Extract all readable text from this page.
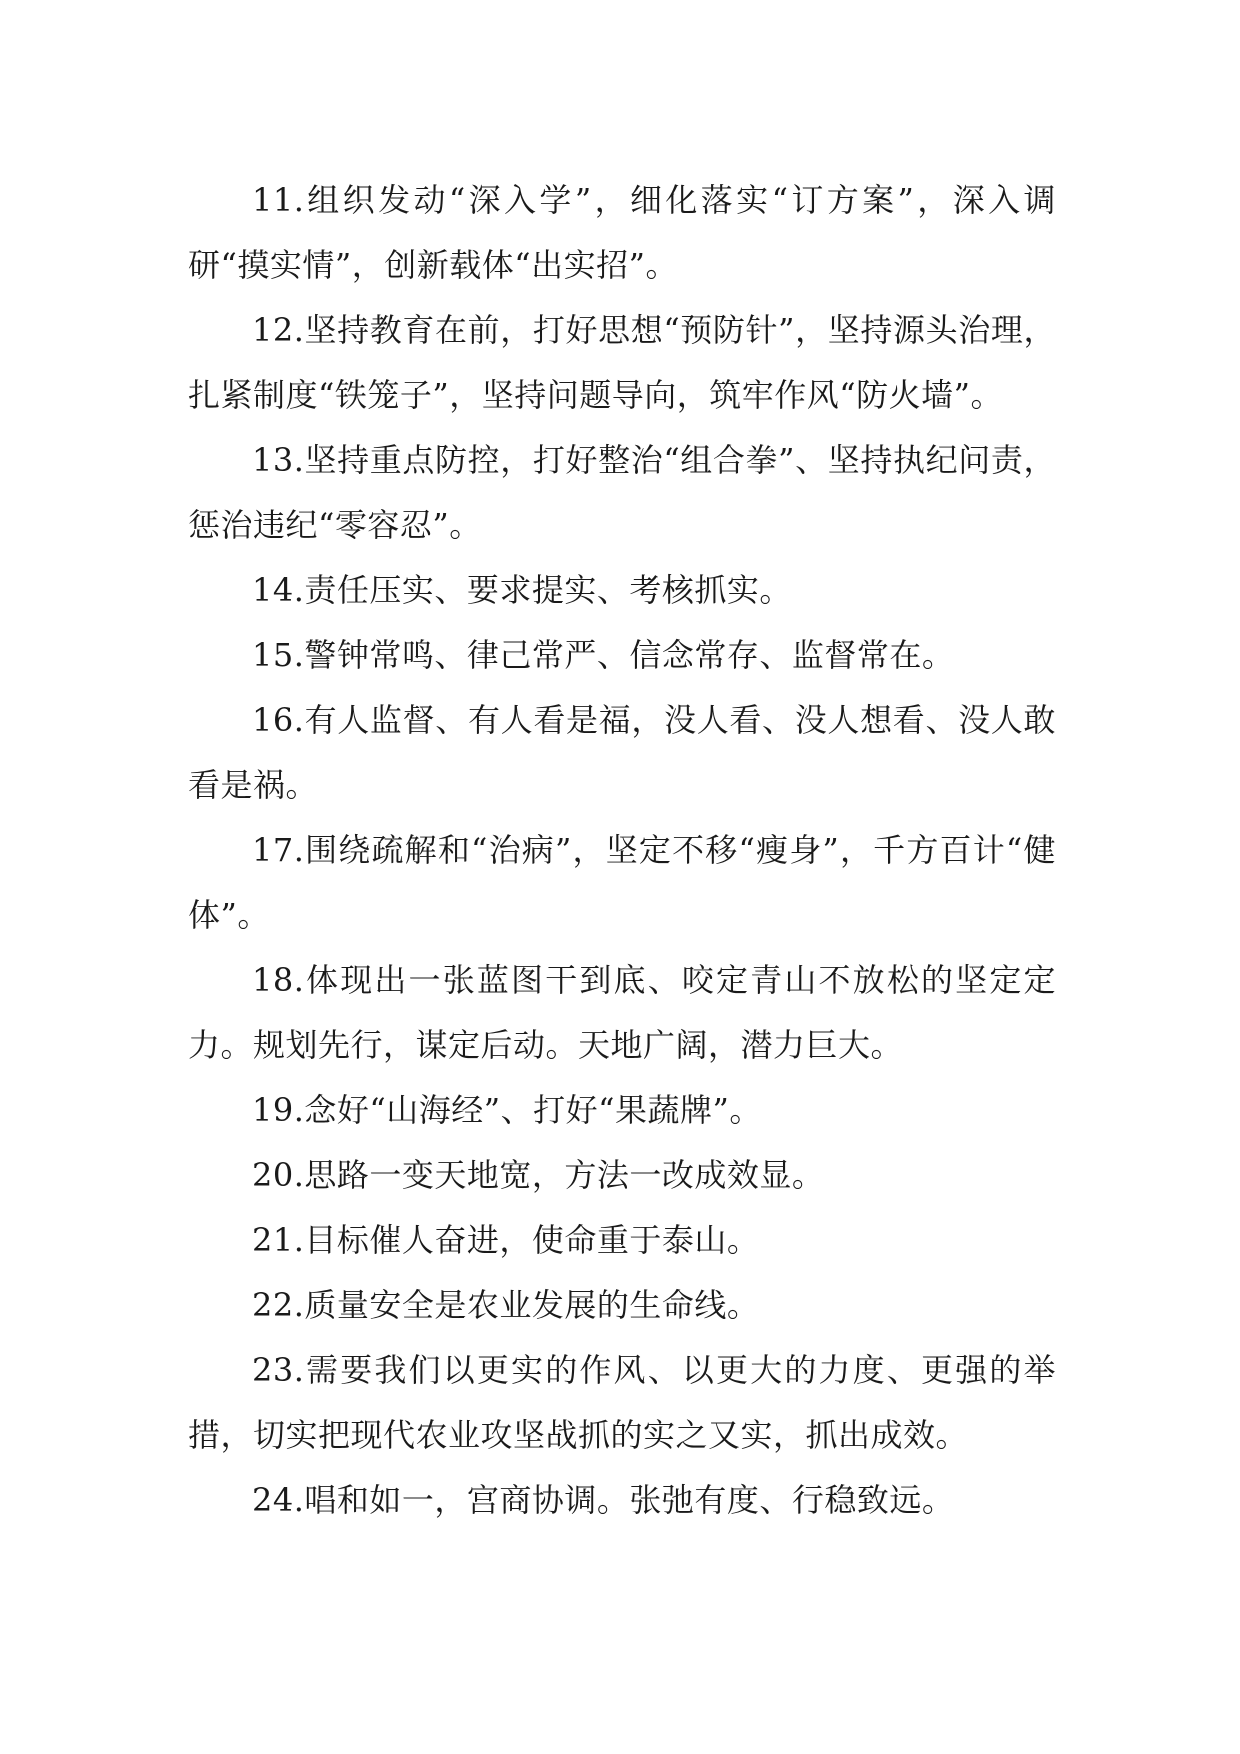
11.组织发动“深入学”，细化落实“订方案”，深入调研“摸实情”，创新载体“出实招”。

12.坚持教育在前，打好思想“预防针”，坚持源头治理，扎紧制度“铁笼子”，坚持问题导向，筑牢作风“防火墙”。

13.坚持重点防控，打好整治“组合拳”、坚持执纪问责，惩治违纪“零容忍”。

14.责任压实、要求提实、考核抓实。

15.警钟常鸣、律己常严、信念常存、监督常在。

16.有人监督、有人看是福，没人看、没人想看、没人敢看是祸。

17.围绕疏解和“治病”，坚定不移“瘦身”，千方百计“健体”。

18.体现出一张蓝图干到底、咬定青山不放松的坚定定力。规划先行，谋定后动。天地广阔，潜力巨大。

19.念好“山海经”、打好“果蔬牌”。

20.思路一变天地宽，方法一改成效显。

21.目标催人奋进，使命重于泰山。

22.质量安全是农业发展的生命线。

23.需要我们以更实的作风、以更大的力度、更强的举措，切实把现代农业攻坚战抓的实之又实，抓出成效。

24.唱和如一，宫商协调。张弛有度、行稳致远。
